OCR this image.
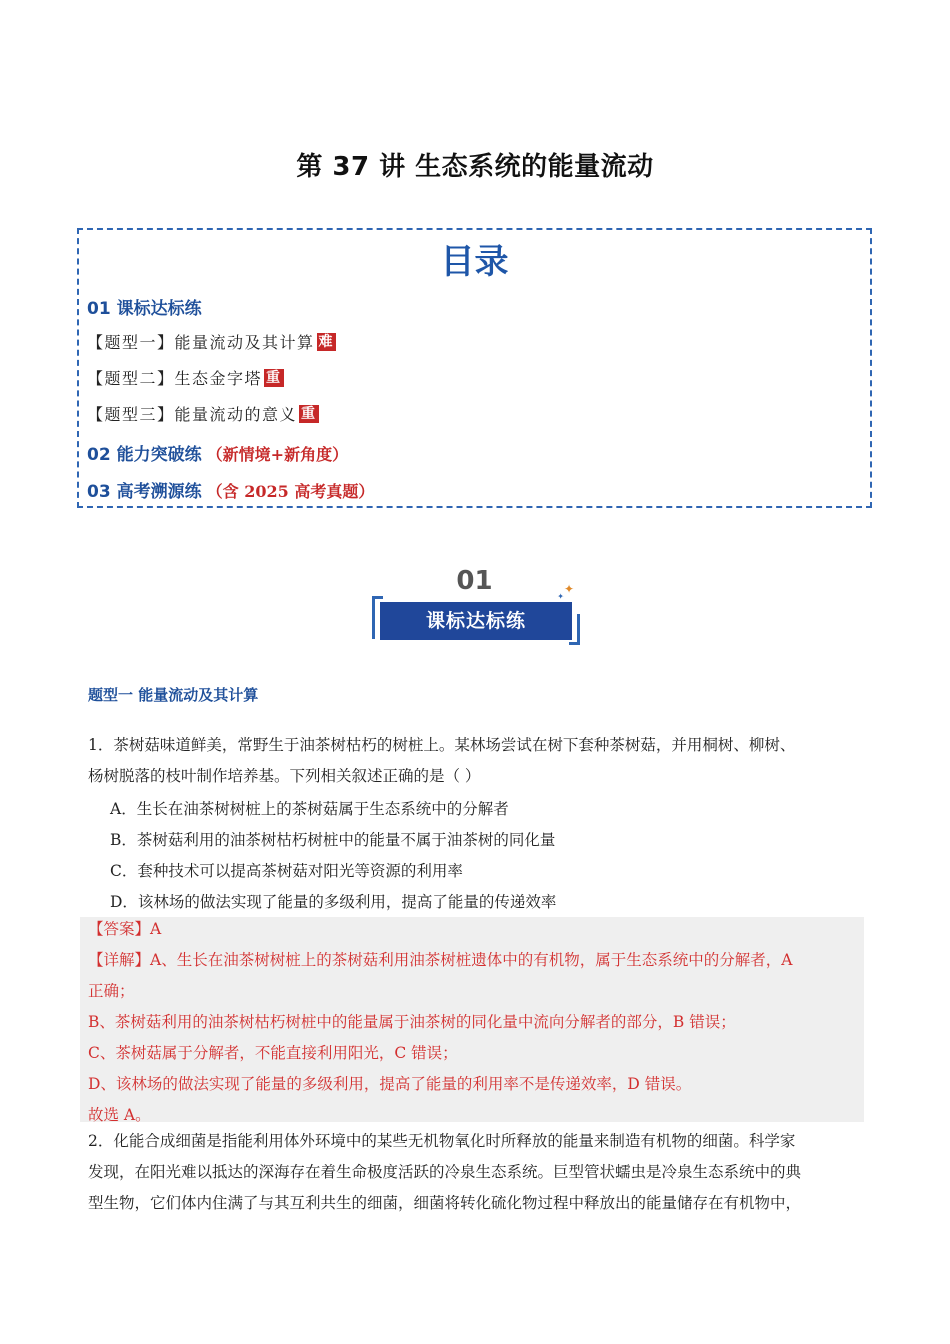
第 37 讲 生态系统的能量流动
目录
01 课标达标练
【题型一】能量流动及其计算 难
【题型二】生态金字塔 重
【题型三】能量流动的意义 重
02 能力突破练 （新情境+新角度）
03 高考溯源练 （含 2025 高考真题）
01	✦
✦
课标达标练
题型一 能量流动及其计算
1．茶树菇味道鲜美，常野生于油茶树枯朽的树桩上。某林场尝试在树下套种茶树菇，并用桐树、柳树、
杨树脱落的枝叶制作培养基。下列相关叙述正确的是（ ）
A．生长在油茶树树桩上的茶树菇属于生态系统中的分解者
B．茶树菇利用的油茶树枯朽树桩中的能量不属于油茶树的同化量
C．套种技术可以提高茶树菇对阳光等资源的利用率
D．该林场的做法实现了能量的多级利用，提高了能量的传递效率
【答案】A
【详解】A、生长在油茶树树桩上的茶树菇利用油茶树桩遗体中的有机物，属于生态系统中的分解者，A
正确；
B、茶树菇利用的油茶树枯朽树桩中的能量属于油茶树的同化量中流向分解者的部分，B 错误；
C、茶树菇属于分解者，不能直接利用阳光，C 错误；
D、该林场的做法实现了能量的多级利用，提高了能量的利用率不是传递效率，D 错误。
故选 A。
2．化能合成细菌是指能利用体外环境中的某些无机物氧化时所释放的能量来制造有机物的细菌。科学家
发现，在阳光难以抵达的深海存在着生命极度活跃的冷泉生态系统。巨型管状蠕虫是冷泉生态系统中的典
型生物，它们体内住满了与其互利共生的细菌，细菌将转化硫化物过程中释放出的能量储存在有机物中，
